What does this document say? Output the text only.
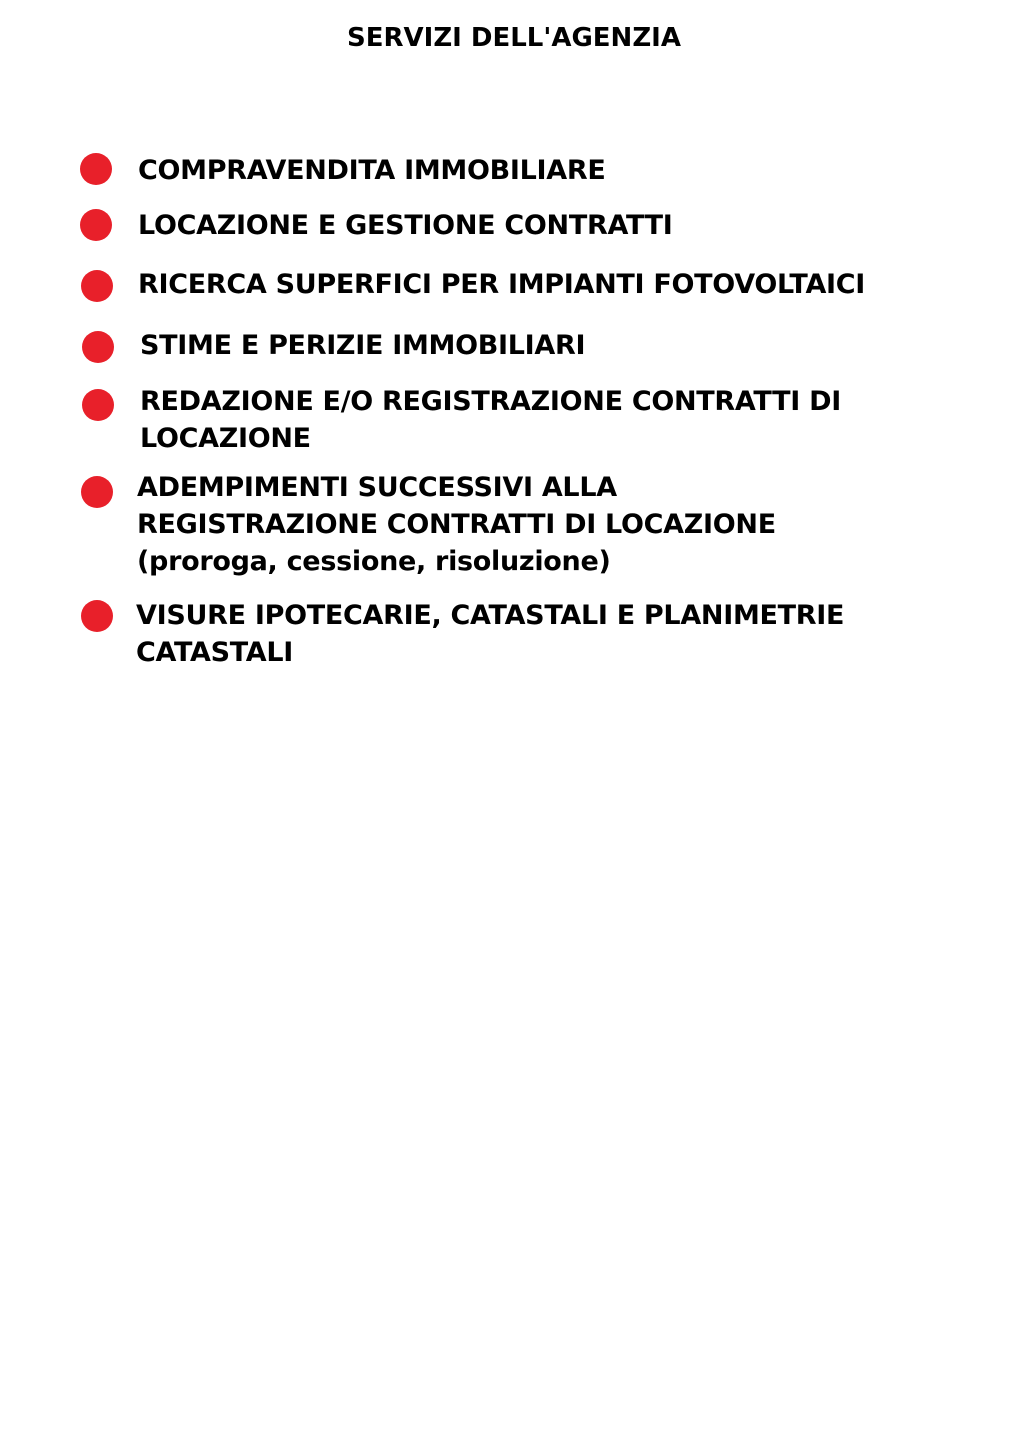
SERVIZI DELL'AGENZIA
COMPRAVENDITA IMMOBILIARE
LOCAZIONE E GESTIONE CONTRATTI
RICERCA SUPERFICI PER IMPIANTI FOTOVOLTAICI
STIME E PERIZIE IMMOBILIARI
REDAZIONE E/O REGISTRAZIONE CONTRATTI DI
LOCAZIONE
ADEMPIMENTI SUCCESSIVI ALLA
REGISTRAZIONE CONTRATTI DI LOCAZIONE
(proroga, cessione, risoluzione)
VISURE IPOTECARIE, CATASTALI E PLANIMETRIE
CATASTALI
